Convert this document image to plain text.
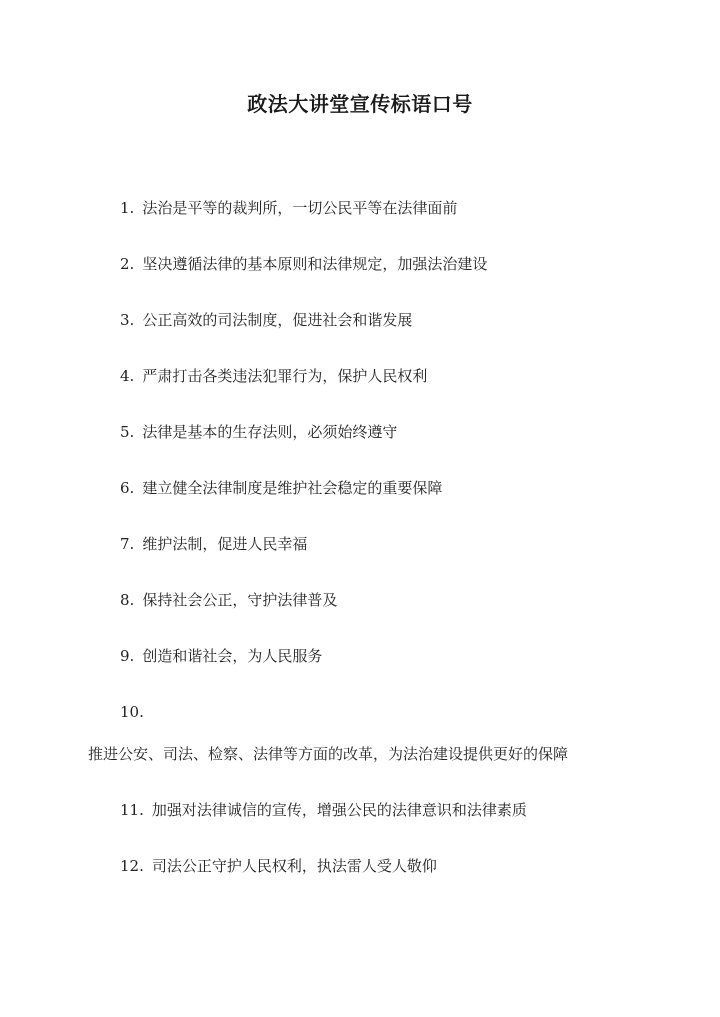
政法大讲堂宣传标语口号
1. 法治是平等的裁判所，一切公民平等在法律面前
2. 坚决遵循法律的基本原则和法律规定，加强法治建设
3. 公正高效的司法制度，促进社会和谐发展
4. 严肃打击各类违法犯罪行为，保护人民权利
5. 法律是基本的生存法则，必须始终遵守
6. 建立健全法律制度是维护社会稳定的重要保障
7. 维护法制，促进人民幸福
8. 保持社会公正，守护法律普及
9. 创造和谐社会，为人民服务
10.
推进公安、司法、检察、法律等方面的改革，为法治建设提供更好的保障
11. 加强对法律诚信的宣传，增强公民的法律意识和法律素质
12. 司法公正守护人民权利，执法雷人受人敬仰
